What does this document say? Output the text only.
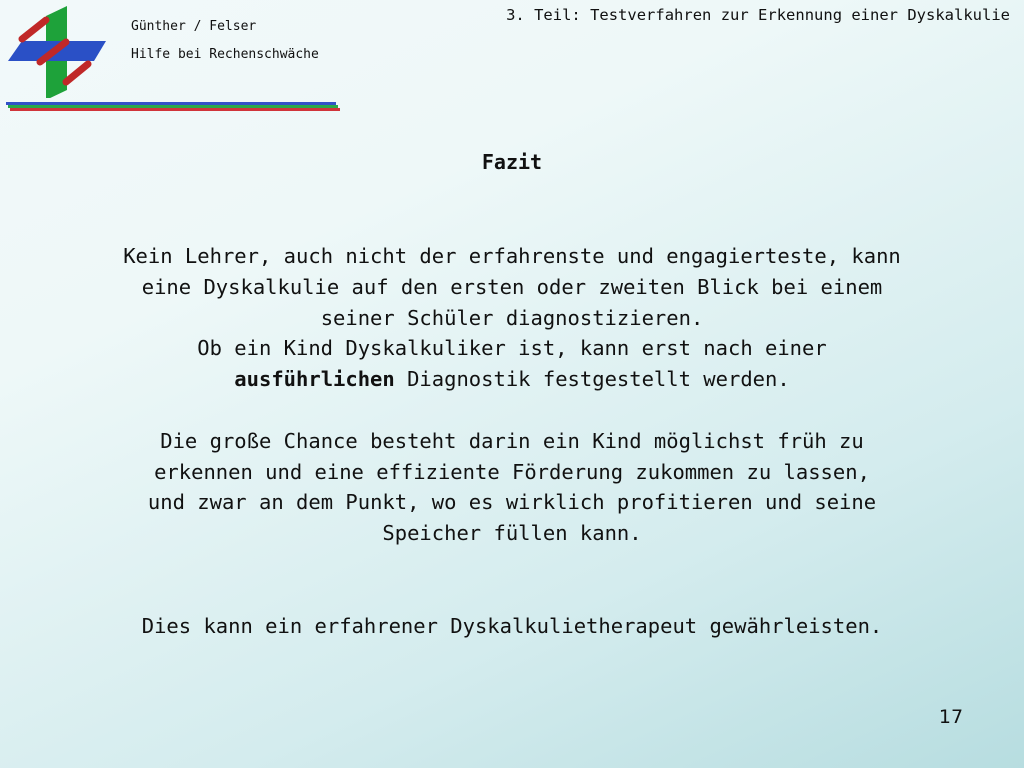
Günther / Felser
Hilfe bei Rechenschwäche
3. Teil: Testverfahren zur Erkennung einer Dyskalkulie
Fazit
Kein Lehrer, auch nicht der erfahrenste und engagierteste, kann
eine Dyskalkulie auf den ersten oder zweiten Blick bei einem
seiner Schüler diagnostizieren.
Ob ein Kind Dyskalkuliker ist, kann erst nach einer
ausführlichen Diagnostik festgestellt werden.
Die große Chance besteht darin ein Kind möglichst früh zu
erkennen und eine effiziente Förderung zukommen zu lassen,
und zwar an dem Punkt, wo es wirklich profitieren und seine
Speicher füllen kann.
Dies kann ein erfahrener Dyskalkulietherapeut gewährleisten.
17
